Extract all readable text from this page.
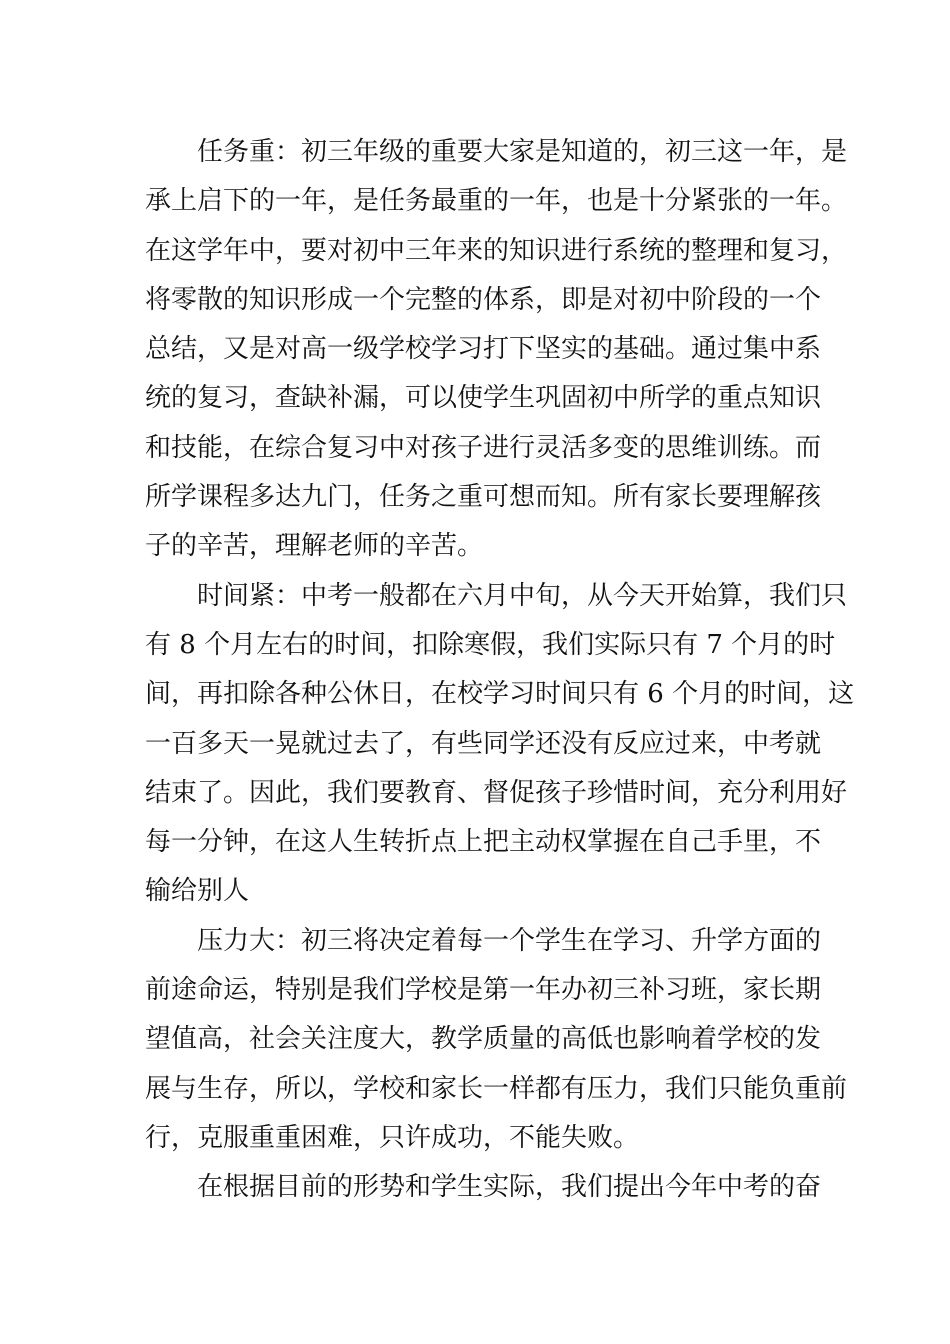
任务重：初三年级的重要大家是知道的，初三这一年，是
承上启下的一年，是任务最重的一年，也是十分紧张的一年。
在这学年中，要对初中三年来的知识进行系统的整理和复习，
将零散的知识形成一个完整的体系，即是对初中阶段的一个
总结，又是对高一级学校学习打下坚实的基础。通过集中系
统的复习，查缺补漏，可以使学生巩固初中所学的重点知识
和技能，在综合复习中对孩子进行灵活多变的思维训练。而
所学课程多达九门，任务之重可想而知。所有家长要理解孩
子的辛苦，理解老师的辛苦。
时间紧：中考一般都在六月中旬，从今天开始算，我们只
有 8 个月左右的时间，扣除寒假，我们实际只有 7 个月的时
间，再扣除各种公休日，在校学习时间只有 6 个月的时间，这
一百多天一晃就过去了，有些同学还没有反应过来，中考就
结束了。因此，我们要教育、督促孩子珍惜时间，充分利用好
每一分钟，在这人生转折点上把主动权掌握在自己手里，不
输给别人
压力大：初三将决定着每一个学生在学习、升学方面的
前途命运，特别是我们学校是第一年办初三补习班，家长期
望值高，社会关注度大，教学质量的高低也影响着学校的发
展与生存，所以，学校和家长一样都有压力，我们只能负重前
行，克服重重困难，只许成功，不能失败。
在根据目前的形势和学生实际，我们提出今年中考的奋
